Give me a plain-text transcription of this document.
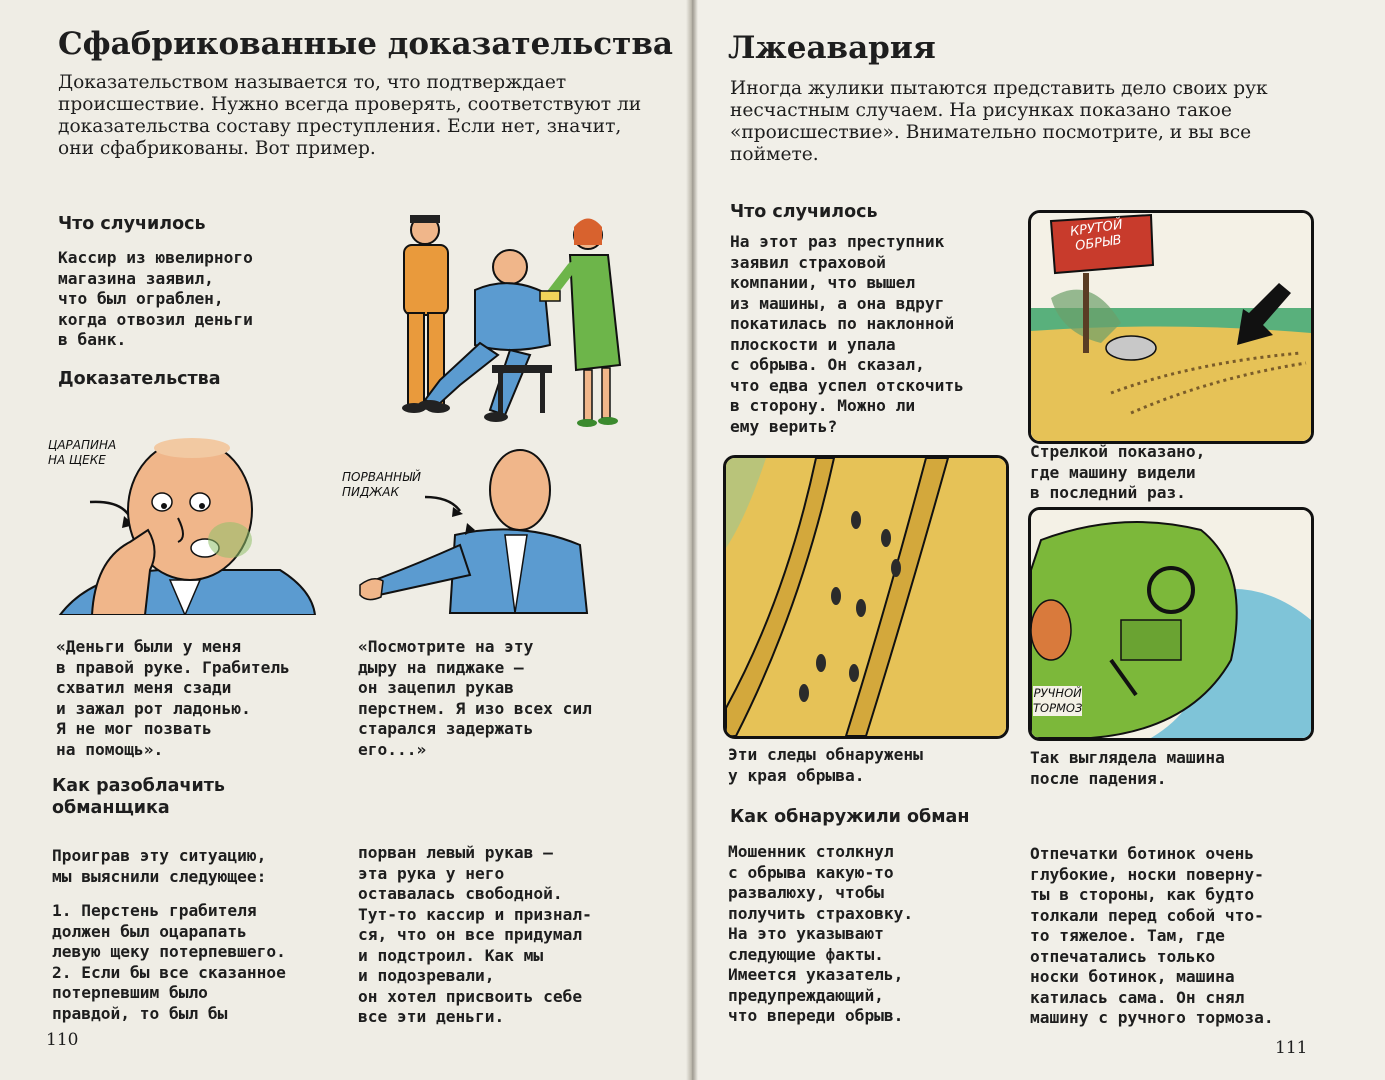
Сфабрикованные доказательства

Доказательством называется то, что подтверждает происшествие. Нужно всегда проверять, соответствуют ли доказательства составу преступления. Если нет, значит, они сфабрикованы. Вот пример.

Что случилось

Кассир из ювелирного
магазина заявил,
что был ограблен,
когда отвозил деньги
в банк.

Доказательства
ЦАРАПИНА
НА ЩЕКЕ
ПОРВАННЫЙ
ПИДЖАК

«Деньги были у меня
в правой руке. Грабитель
схватил меня сзади
и зажал рот ладонью.
Я не мог позвать
на помощь».

«Посмотрите на эту
дыру на пиджаке —
он зацепил рукав
перстнем. Я изо всех сил
старался задержать
его...»

Как разоблачить
обманщика

Проиграв эту ситуацию,
мы выяснили следующее:

1. Перстень грабителя
должен был оцарапать
левую щеку потерпевшего.
2. Если бы все сказанное
потерпевшим было
правдой, то был бы

порван левый рукав —
эта рука у него
оставалась свободной.
Тут-то кассир и признал-
ся, что он все придумал
и подстроил. Как мы
и подозревали,
он хотел присвоить себе
все эти деньги.

110
Лжеавария

Иногда жулики пытаются представить дело своих рук несчастным случаем. На рисунках показано такое «происшествие». Внимательно посмотрите, и вы все поймете.

Что случилось

На этот раз преступник
заявил страховой
компании, что вышел
из машины, а она вдруг
покатилась по наклонной
плоскости и упала
с обрыва. Он сказал,
что едва успел отскочить
в сторону. Можно ли
ему верить?

КРУТОЙ
ОБРЫВ

Стрелкой показано,
где машину видели
в последний раз.

Эти следы обнаружены
у края обрыва.

РУЧНОЙ
ТОРМОЗ

Так выглядела машина
после падения.

Как обнаружили обман

Мошенник столкнул
с обрыва какую-то
развалюху, чтобы
получить страховку.
На это указывают
следующие факты.
Имеется указатель,
предупреждающий,
что впереди обрыв.

Отпечатки ботинок очень
глубокие, носки поверну-
ты в стороны, как будто
толкали перед собой что-
то тяжелое. Там, где
отпечатались только
носки ботинок, машина
катилась сама. Он снял
машину с ручного тормоза.

111
